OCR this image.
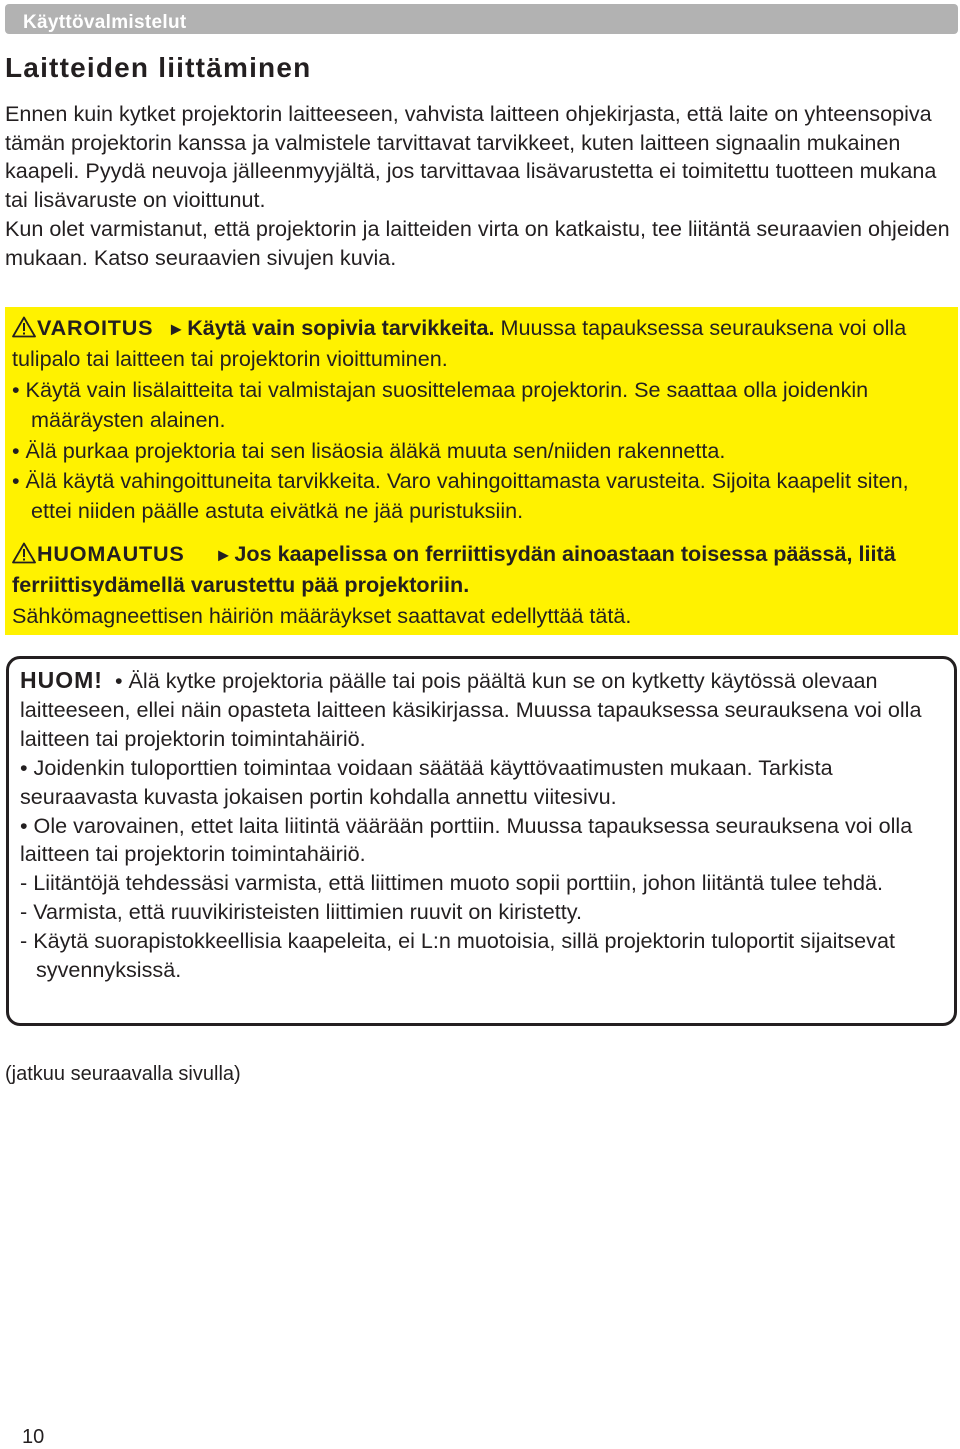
Käyttövalmistelut
Laitteiden liittäminen

Ennen kuin kytket projektorin laitteeseen, vahvista laitteen ohjekirjasta, että laite on yhteensopiva tämän projektorin kanssa ja valmistele tarvittavat tarvikkeet, kuten laitteen signaalin mukainen kaapeli. Pyydä neuvoja jälleenmyyjältä, jos tarvittavaa lisävarustetta ei toimitettu tuotteen mukana tai lisävaruste on vioittunut.

Kun olet varmistanut, että projektorin ja laitteiden virta on katkaistu, tee liitäntä seuraavien ohjeiden mukaan. Katso seuraavien sivujen kuvia.

VAROITUS ►Käytä vain sopivia tarvikkeita. Muussa tapauksessa seurauksena voi olla tulipalo tai laitteen tai projektorin vioittuminen.

• Käytä vain lisälaitteita tai valmistajan suosittelemaa projektorin. Se saattaa olla joidenkin määräysten alainen.

• Älä purkaa projektoria tai sen lisäosia äläkä muuta sen/niiden rakennetta.

• Älä käytä vahingoittuneita tarvikkeita. Varo vahingoittamasta varusteita. Sijoita kaapelit siten, ettei niiden päälle astuta eivätkä ne jää puristuksiin.

HUOMAUTUS ►Jos kaapelissa on ferriittisydän ainoastaan toisessa päässä, liitä ferriittisydämellä varustettu pää projektoriin.

Sähkömagneettisen häiriön määräykset saattavat edellyttää tätä.

HUOM! • Älä kytke projektoria päälle tai pois päältä kun se on kytketty käytössä olevaan laitteeseen, ellei näin opasteta laitteen käsikirjassa. Muussa tapauksessa seurauksena voi olla laitteen tai projektorin toimintahäiriö.

• Joidenkin tuloporttien toimintaa voidaan säätää käyttövaatimusten mukaan. Tarkista seuraavasta kuvasta jokaisen portin kohdalla annettu viitesivu.

• Ole varovainen, ettet laita liitintä väärään porttiin. Muussa tapauksessa seurauksena voi olla laitteen tai projektorin toimintahäiriö.

- Liitäntöjä tehdessäsi varmista, että liittimen muoto sopii porttiin, johon liitäntä tulee tehdä.

- Varmista, että ruuvikiristeisten liittimien ruuvit on kiristetty.

- Käytä suorapistokkeellisia kaapeleita, ei L:n muotoisia, sillä projektorin tuloportit sijaitsevat syvennyksissä.

(jatkuu seuraavalla sivulla)
10
